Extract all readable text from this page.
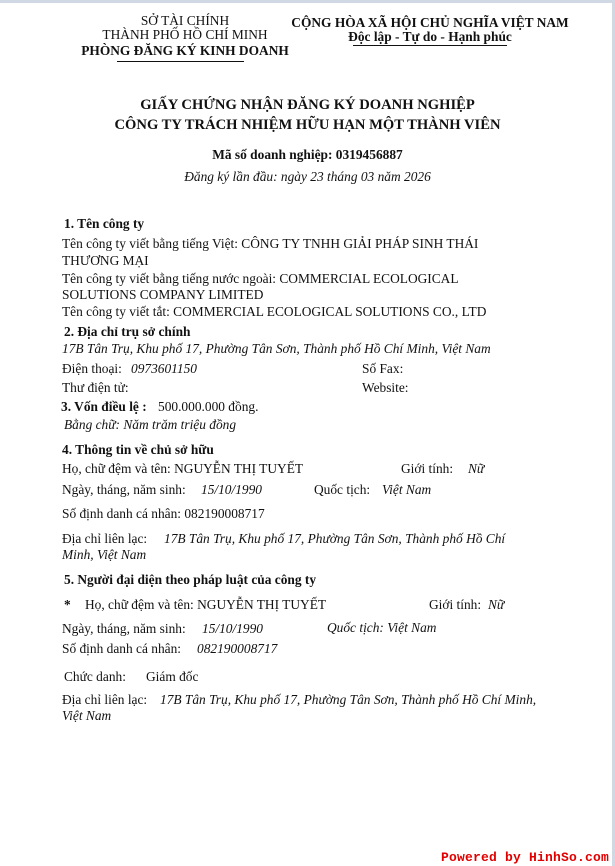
SỞ TÀI CHÍNH
THÀNH PHỐ HỒ CHÍ MINH
PHÒNG ĐĂNG KÝ KINH DOANH
CỘNG HÒA XÃ HỘI CHỦ NGHĨA VIỆT NAM
Độc lập - Tự do - Hạnh phúc
GIẤY CHỨNG NHẬN ĐĂNG KÝ DOANH NGHIỆP
CÔNG TY TRÁCH NHIỆM HỮU HẠN MỘT THÀNH VIÊN
Mã số doanh nghiệp: 0319456887
Đăng ký lần đầu: ngày 23 tháng 03 năm 2026
1. Tên công ty
Tên công ty viết bằng tiếng Việt: CÔNG TY TNHH GIẢI PHÁP SINH THÁI
THƯƠNG MẠI
Tên công ty viết bằng tiếng nước ngoài: COMMERCIAL ECOLOGICAL
SOLUTIONS COMPANY LIMITED
Tên công ty viết tắt: COMMERCIAL ECOLOGICAL SOLUTIONS CO., LTD
2. Địa chỉ trụ sở chính
17B Tân Trụ, Khu phố 17, Phường Tân Sơn, Thành phố Hồ Chí Minh, Việt Nam
Điện thoại: 0973601150	Số Fax:
Thư điện tử:	Website:
3. Vốn điều lệ : 500.000.000 đồng.
Bằng chữ: Năm trăm triệu đồng
4. Thông tin về chủ sở hữu
Họ, chữ đệm và tên: NGUYỄN THỊ TUYẾT	Giới tính: Nữ
Ngày, tháng, năm sinh: 15/10/1990	Quốc tịch: Việt Nam
Số định danh cá nhân: 082190008717
Địa chỉ liên lạc: 17B Tân Trụ, Khu phố 17, Phường Tân Sơn, Thành phố Hồ Chí
Minh, Việt Nam
5. Người đại diện theo pháp luật của công ty
* Họ, chữ đệm và tên: NGUYỄN THỊ TUYẾT	Giới tính: Nữ
Ngày, tháng, năm sinh: 15/10/1990	Quốc tịch: Việt Nam
Số định danh cá nhân: 082190008717
Chức danh: Giám đốc
Địa chỉ liên lạc: 17B Tân Trụ, Khu phố 17, Phường Tân Sơn, Thành phố Hồ Chí Minh,
Việt Nam
Powered by HinhSo.com
